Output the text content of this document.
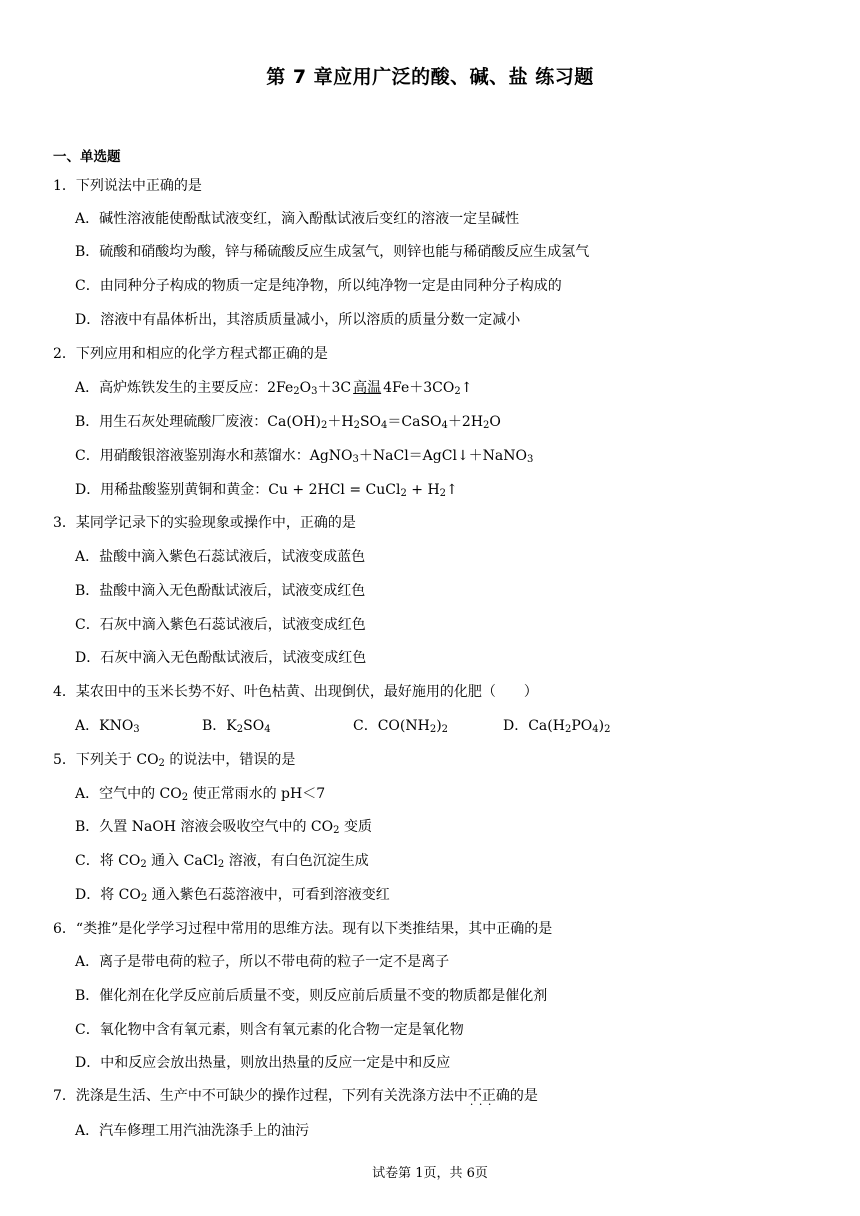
第 7 章应用广泛的酸、碱、盐 练习题
一、单选题
1．下列说法中正确的是
A．碱性溶液能使酚酞试液变红，滴入酚酞试液后变红的溶液一定呈碱性
B．硫酸和硝酸均为酸，锌与稀硫酸反应生成氢气，则锌也能与稀硝酸反应生成氢气
C．由同种分子构成的物质一定是纯净物，所以纯净物一定是由同种分子构成的
D．溶液中有晶体析出，其溶质质量减小，所以溶质的质量分数一定减小
2．下列应用和相应的化学方程式都正确的是
A．高炉炼铁发生的主要反应：$2Fe_2O_3+3C$ 高温 $4Fe+3CO_2↑$
B．用生石灰处理硫酸厂废液：$Ca(OH)_2+H_2SO_4=CaSO_4+2H_2O$
C．用硝酸银溶液鉴别海水和蒸馏水：AgNO$_3$＋NaCl＝AgCl↓＋NaNO$_3$
D．用稀盐酸鉴别黄铜和黄金：Cu + 2HCl = CuCl$_2$ + $H_2↑$
3．某同学记录下的实验现象或操作中，正确的是
A．盐酸中滴入紫色石蕊试液后，试液变成蓝色
B．盐酸中滴入无色酚酞试液后，试液变成红色
C．石灰中滴入紫色石蕊试液后，试液变成红色
D．石灰中滴入无色酚酞试液后，试液变成红色
4．某农田中的玉米长势不好、叶色枯黄、出现倒伏，最好施用的化肥（　　）
A．$KNO_3$	B．$K_2SO_4$	C．$CO(NH_2)_2$	D．$Ca(H_2PO_4)_2$
5．下列关于 $CO_2$ 的说法中，错误的是
A．空气中的 $CO_2$ 使正常雨水的 pH＜7
B．久置 NaOH 溶液会吸收空气中的 $CO_2$ 变质
C．将 $CO_2$ 通入 CaCl$_2$ 溶液，有白色沉淀生成
D．将 $CO_2$ 通入紫色石蕊溶液中，可看到溶液变红
6．“类推”是化学学习过程中常用的思维方法。现有以下类推结果，其中正确的是
A．离子是带电荷的粒子，所以不带电荷的粒子一定不是离子
B．催化剂在化学反应前后质量不变，则反应前后质量不变的物质都是催化剂
C．氧化物中含有氧元素，则含有氧元素的化合物一定是氧化物
D．中和反应会放出热量，则放出热量的反应一定是中和反应
7．洗涤是生活、生产中不可缺少的操作过程，下列有关洗涤方法中不正确 · · ·的是
A．汽车修理工用汽油洗涤手上的油污
试卷第 1页，共 6页
